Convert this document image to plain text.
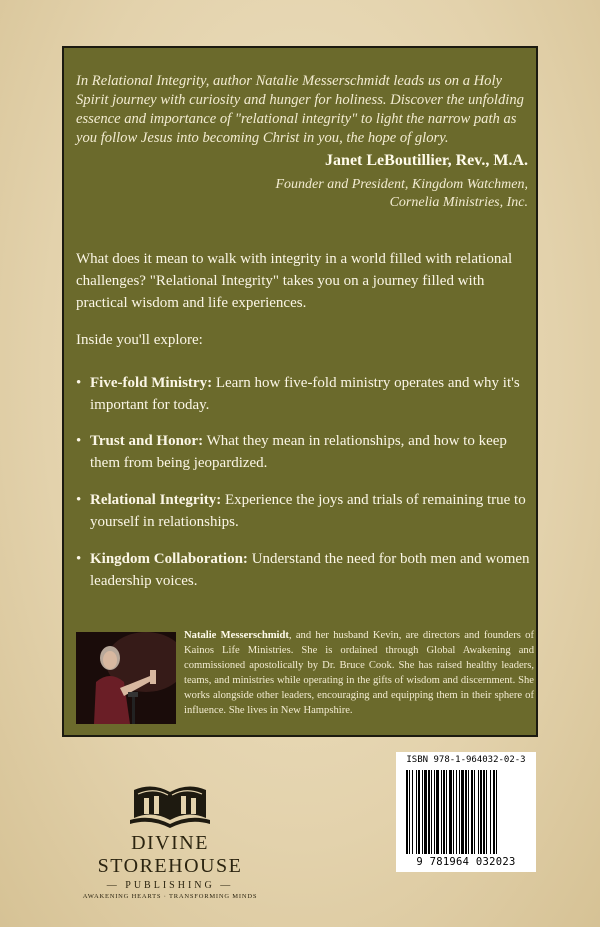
In Relational Integrity, author Natalie Messerschmidt leads us on a Holy Spirit journey with curiosity and hunger for holiness. Discover the unfolding essence and importance of "relational integrity" to light the narrow path as you follow Jesus into becoming Christ in you, the hope of glory.
Janet LeBoutillier, Rev., M.A.
Founder and President, Kingdom Watchmen,
Cornelia Ministries, Inc.
What does it mean to walk with integrity in a world filled with relational challenges? "Relational Integrity" takes you on a journey filled with practical wisdom and life experiences.
Inside you'll explore:
• Five-fold Ministry: Learn how five-fold ministry operates and why it's important for today.
• Trust and Honor: What they mean in relationships, and how to keep them from being jeopardized.
• Relational Integrity: Experience the joys and trials of remaining true to yourself in relationships.
• Kingdom Collaboration: Understand the need for both men and women leadership voices.
Natalie Messerschmidt, and her husband Kevin, are directors and founders of Kainos Life Ministries. She is ordained through Global Awakening and commissioned apostolically by Dr. Bruce Cook. She has raised healthy leaders, teams, and ministries while operating in the gifts of wisdom and discernment. She works alongside other leaders, encouraging and equipping them in their sphere of influence. She lives in New Hampshire.
DIVINE STOREHOUSE
— PUBLISHING —
AWAKENING HEARTS · TRANSFORMING MINDS
ISBN 978-1-964032-02-3
9 781964 032023
